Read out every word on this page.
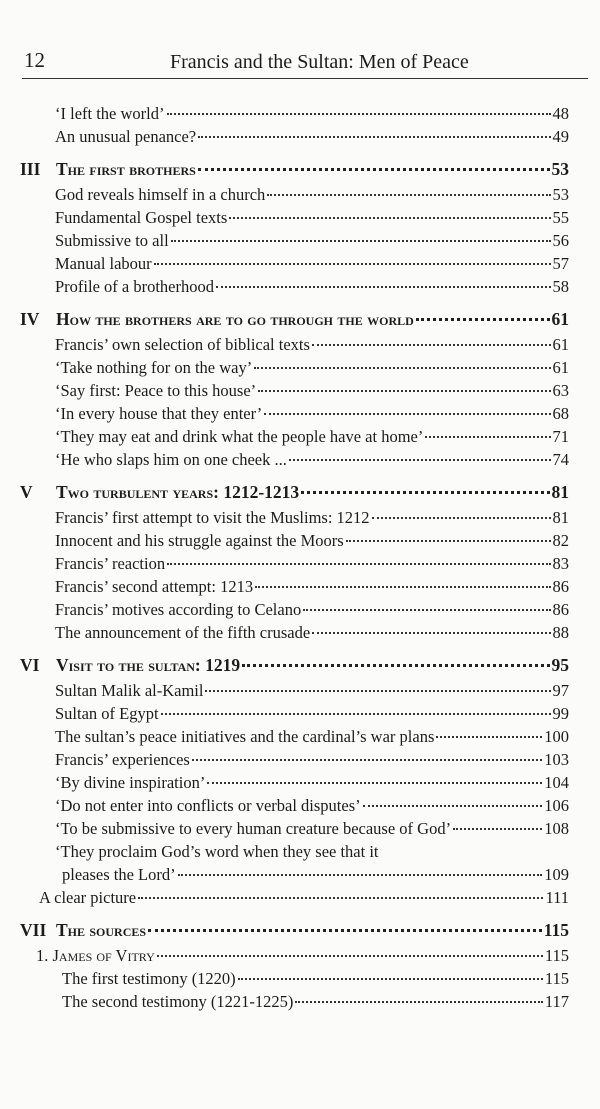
12	Francis and the Sultan: Men of Peace
‘I left the world’	48
An unusual penance?	49
III The first brothers	53
God reveals himself in a church	53
Fundamental Gospel texts	55
Submissive to all	56
Manual labour	57
Profile of a brotherhood	58
IV How the brothers are to go through the world	61
Francis’ own selection of biblical texts	61
‘Take nothing for on the way’	61
‘Say first: Peace to this house’	63
‘In every house that they enter’	68
‘They may eat and drink what the people have at home’	71
‘He who slaps him on one cheek ...	74
V	Two turbulent years: 1212-1213	81
Francis’ first attempt to visit the Muslims: 1212	81
Innocent and his struggle against the Moors	82
Francis’ reaction	83
Francis’ second attempt: 1213	86
Francis’ motives according to Celano	86
The announcement of the fifth crusade	88
VI Visit to the sultan: 1219	95
Sultan Malik al-Kamil	97
Sultan of Egypt	99
The sultan’s peace initiatives and the cardinal’s war plans	100
Francis’ experiences	103
‘By divine inspiration’	104
‘Do not enter into conflicts or verbal disputes’	106
‘To be submissive to every human creature because of God’	108
‘They proclaim God’s word when they see that it
pleases the Lord’	109
A clear picture	111
VII The sources	115
1. James of Vitry	115
The first testimony (1220)	115
The second testimony (1221-1225)	117
